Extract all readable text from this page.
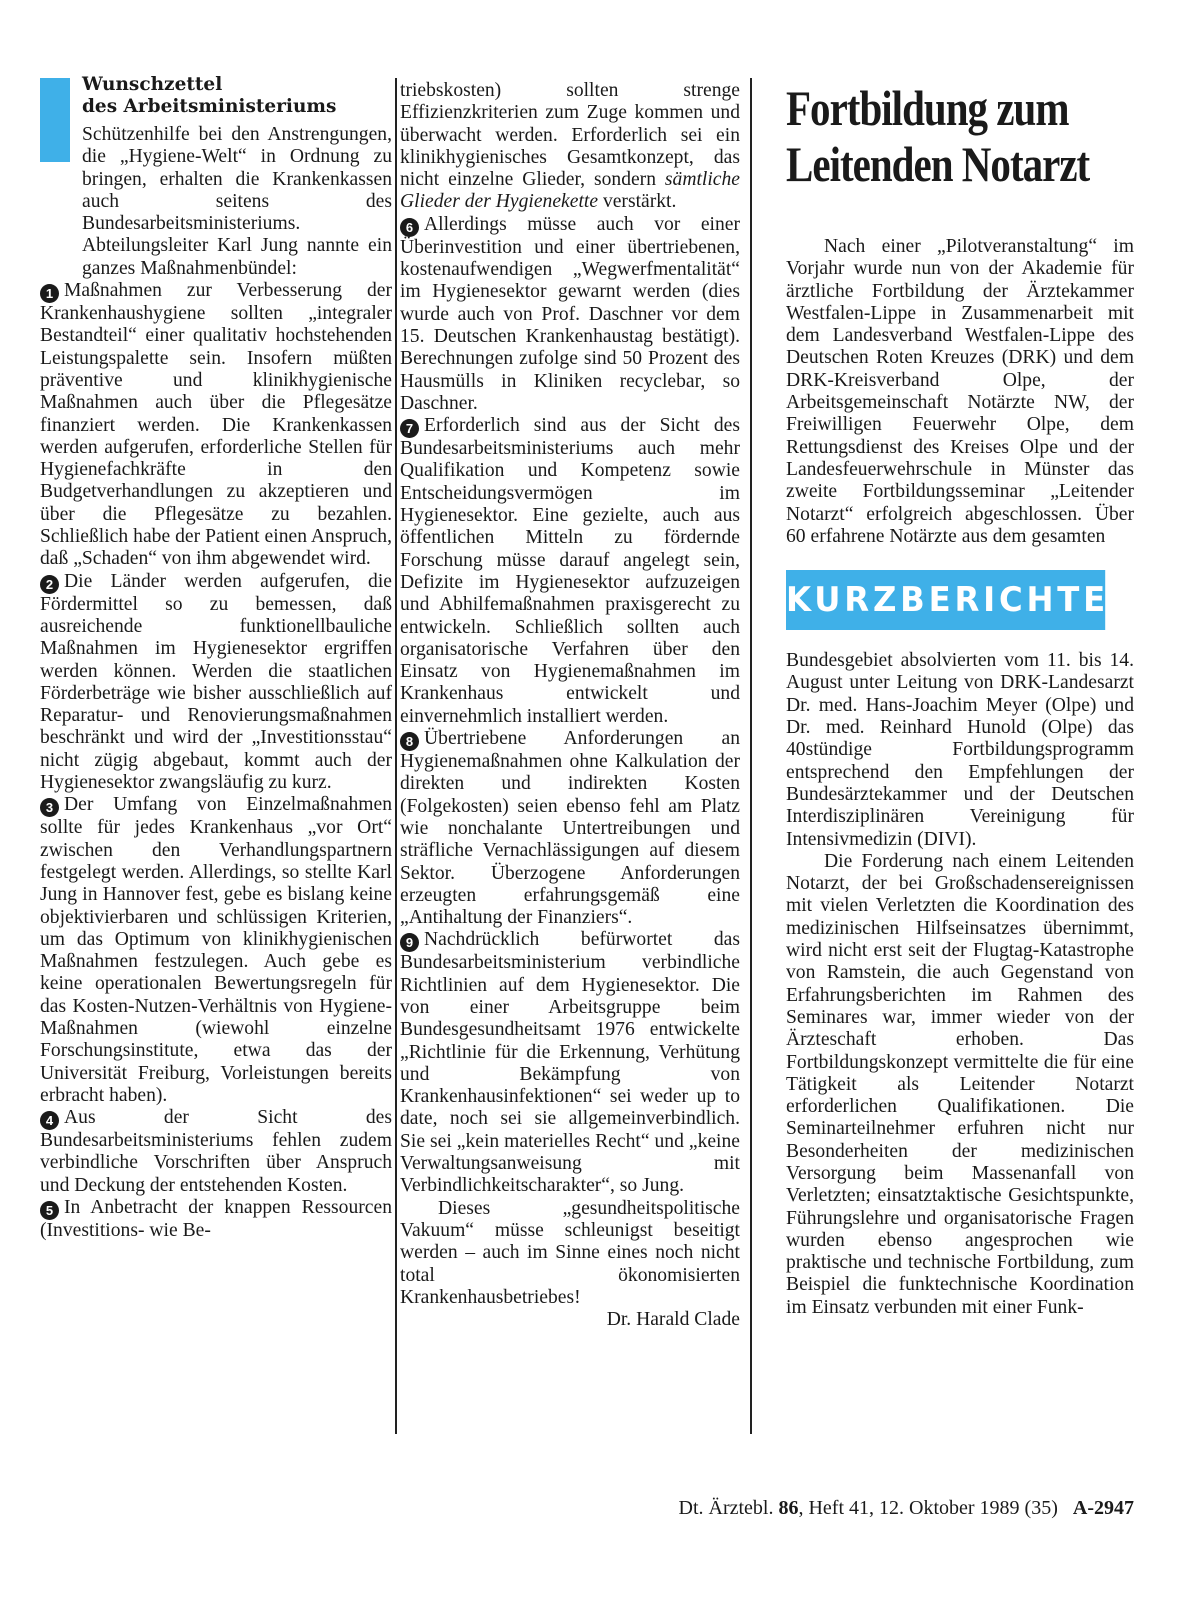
Wunschzettel
des Arbeitsministeriums

Schützenhilfe bei den Anstrengungen, die „Hygiene-Welt“ in Ordnung zu bringen, erhalten die Krankenkassen auch seitens des Bundesarbeitsministeriums. Abteilungsleiter Karl Jung nannte ein ganzes Maßnahmenbündel:

1 Maßnahmen zur Verbesserung der Krankenhaushygiene sollten „integraler Bestandteil“ einer qualitativ hochstehenden Leistungspalette sein. Insofern müßten präventive und klinikhygienische Maßnahmen auch über die Pflegesätze finanziert werden. Die Krankenkassen werden aufgerufen, erforderliche Stellen für Hygienefachkräfte in den Budgetverhandlungen zu akzeptieren und über die Pflegesätze zu bezahlen. Schließlich habe der Patient einen Anspruch, daß „Schaden“ von ihm abgewendet wird.

2 Die Länder werden aufgerufen, die Fördermittel so zu bemessen, daß ausreichende funktionellbauliche Maßnahmen im Hygienesektor ergriffen werden können. Werden die staatlichen Förderbeträge wie bisher ausschließlich auf Reparatur- und Renovierungsmaßnahmen beschränkt und wird der „Investitionsstau“ nicht zügig abgebaut, kommt auch der Hygienesektor zwangsläufig zu kurz.

3 Der Umfang von Einzelmaßnahmen sollte für jedes Krankenhaus „vor Ort“ zwischen den Verhandlungspartnern festgelegt werden. Allerdings, so stellte Karl Jung in Hannover fest, gebe es bislang keine objektivierbaren und schlüssigen Kriterien, um das Optimum von klinikhygienischen Maßnahmen festzulegen. Auch gebe es keine operationalen Bewertungsregeln für das Kosten-Nutzen-Verhältnis von Hygiene-Maßnahmen (wiewohl einzelne Forschungsinstitute, etwa das der Universität Freiburg, Vorleistungen bereits erbracht haben).

4 Aus der Sicht des Bundesarbeitsministeriums fehlen zudem verbindliche Vorschriften über Anspruch und Deckung der entstehenden Kosten.

5 In Anbetracht der knappen Ressourcen (Investitions- wie Be-

triebskosten) sollten strenge Effizienzkriterien zum Zuge kommen und überwacht werden. Erforderlich sei ein klinikhygienisches Gesamtkonzept, das nicht einzelne Glieder, sondern sämtliche Glieder der Hygienekette verstärkt.

6 Allerdings müsse auch vor einer Überinvestition und einer übertriebenen, kostenaufwendigen „Wegwerfmentalität“ im Hygienesektor gewarnt werden (dies wurde auch von Prof. Daschner vor dem 15. Deutschen Krankenhaustag bestätigt). Berechnungen zufolge sind 50 Prozent des Hausmülls in Kliniken recyclebar, so Daschner.

7 Erforderlich sind aus der Sicht des Bundesarbeitsministeriums auch mehr Qualifikation und Kompetenz sowie Entscheidungsvermögen im Hygienesektor. Eine gezielte, auch aus öffentlichen Mitteln zu fördernde Forschung müsse darauf angelegt sein, Defizite im Hygienesektor aufzuzeigen und Abhilfemaßnahmen praxisgerecht zu entwickeln. Schließlich sollten auch organisatorische Verfahren über den Einsatz von Hygienemaßnahmen im Krankenhaus entwickelt und einvernehmlich installiert werden.

8 Übertriebene Anforderungen an Hygienemaßnahmen ohne Kalkulation der direkten und indirekten Kosten (Folgekosten) seien ebenso fehl am Platz wie nonchalante Untertreibungen und sträfliche Vernachlässigungen auf diesem Sektor. Überzogene Anforderungen erzeugten erfahrungsgemäß eine „Antihaltung der Finanziers“.

9 Nachdrücklich befürwortet das Bundesarbeitsministerium verbindliche Richtlinien auf dem Hygienesektor. Die von einer Arbeitsgruppe beim Bundesgesundheitsamt 1976 entwickelte „Richtlinie für die Erkennung, Verhütung und Bekämpfung von Krankenhausinfektionen“ sei weder up to date, noch sei sie allgemeinverbindlich. Sie sei „kein materielles Recht“ und „keine Verwaltungsanweisung mit Verbindlichkeitscharakter“, so Jung.

Dieses „gesundheitspolitische Vakuum“ müsse schleunigst beseitigt werden – auch im Sinne eines noch nicht total ökonomisierten Krankenhausbetriebes!

Dr. Harald Clade

Fortbildung zum
Leitenden Notarzt

Nach einer „Pilotveranstaltung“ im Vorjahr wurde nun von der Akademie für ärztliche Fortbildung der Ärztekammer Westfalen-Lippe in Zusammenarbeit mit dem Landesverband Westfalen-Lippe des Deutschen Roten Kreuzes (DRK) und dem DRK-Kreisverband Olpe, der Arbeitsgemeinschaft Notärzte NW, der Freiwilligen Feuerwehr Olpe, dem Rettungsdienst des Kreises Olpe und der Landesfeuerwehrschule in Münster das zweite Fortbildungsseminar „Leitender Notarzt“ erfolgreich abgeschlossen. Über 60 erfahrene Notärzte aus dem gesamten

KURZBERICHTE

Bundesgebiet absolvierten vom 11. bis 14. August unter Leitung von DRK-Landesarzt Dr. med. Hans-Joachim Meyer (Olpe) und Dr. med. Reinhard Hunold (Olpe) das 40stündige Fortbildungsprogramm entsprechend den Empfehlungen der Bundesärztekammer und der Deutschen Interdisziplinären Vereinigung für Intensivmedizin (DIVI).

Die Forderung nach einem Leitenden Notarzt, der bei Großschadensereignissen mit vielen Verletzten die Koordination des medizinischen Hilfseinsatzes übernimmt, wird nicht erst seit der Flugtag-Katastrophe von Ramstein, die auch Gegenstand von Erfahrungsberichten im Rahmen des Seminares war, immer wieder von der Ärzteschaft erhoben. Das Fortbildungskonzept vermittelte die für eine Tätigkeit als Leitender Notarzt erforderlichen Qualifikationen. Die Seminarteilnehmer erfuhren nicht nur Besonderheiten der medizinischen Versorgung beim Massenanfall von Verletzten; einsatztaktische Gesichtspunkte, Führungslehre und organisatorische Fragen wurden ebenso angesprochen wie praktische und technische Fortbildung, zum Beispiel die funktechnische Koordination im Einsatz verbunden mit einer Funk-

Dt. Ärztebl. 86, Heft 41, 12. Oktober 1989 (35) A-2947
